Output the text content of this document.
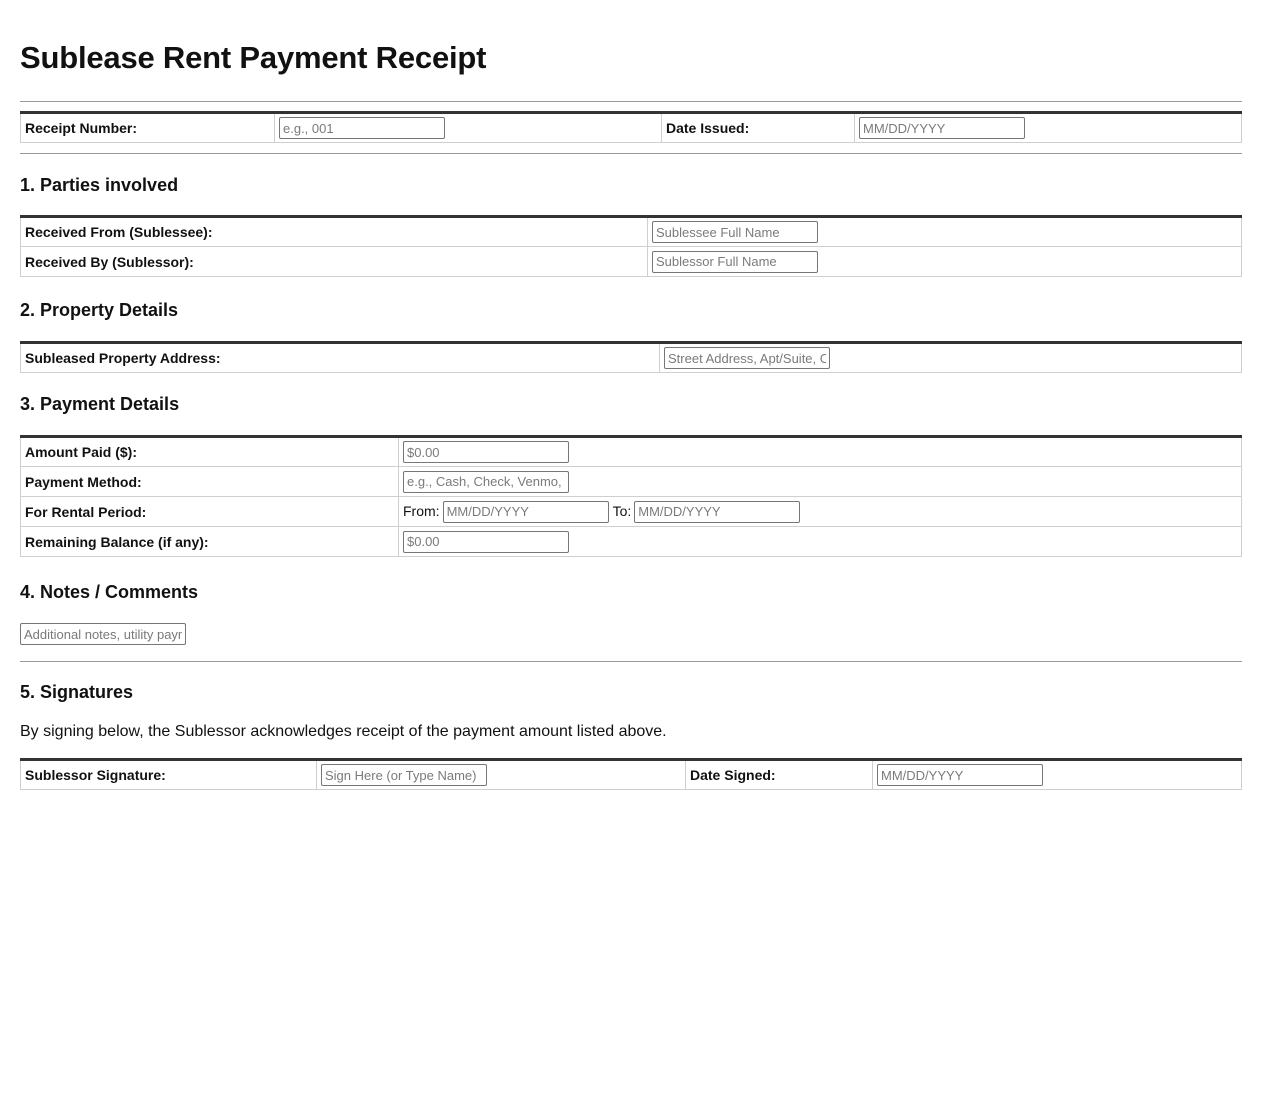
Sublease Rent Payment Receipt
Receipt Number:	e.g., 001	Date Issued:	MM/DD/YYYY
1. Parties involved
Received From (Sublessee):	Sublessee Full Name
Received By (Sublessor):	Sublessor Full Name
2. Property Details
Subleased Property Address:	Street Address, Apt/Suite, City, State, ZIP
3. Payment Details
Amount Paid ($):	$0.00
Payment Method:	e.g., Cash, Check, Venmo, Bank Transfer
For Rental Period:	From:MM/DD/YYYY To:MM/DD/YYYY
Remaining Balance (if any):	$0.00
4. Notes / Comments
Additional notes, utility payments, etc.
5. Signatures

By signing below, the Sublessor acknowledges receipt of the payment amount listed above.

Sublessor Signature:	Sign Here (or Type Name)	Date Signed:	MM/DD/YYYY
